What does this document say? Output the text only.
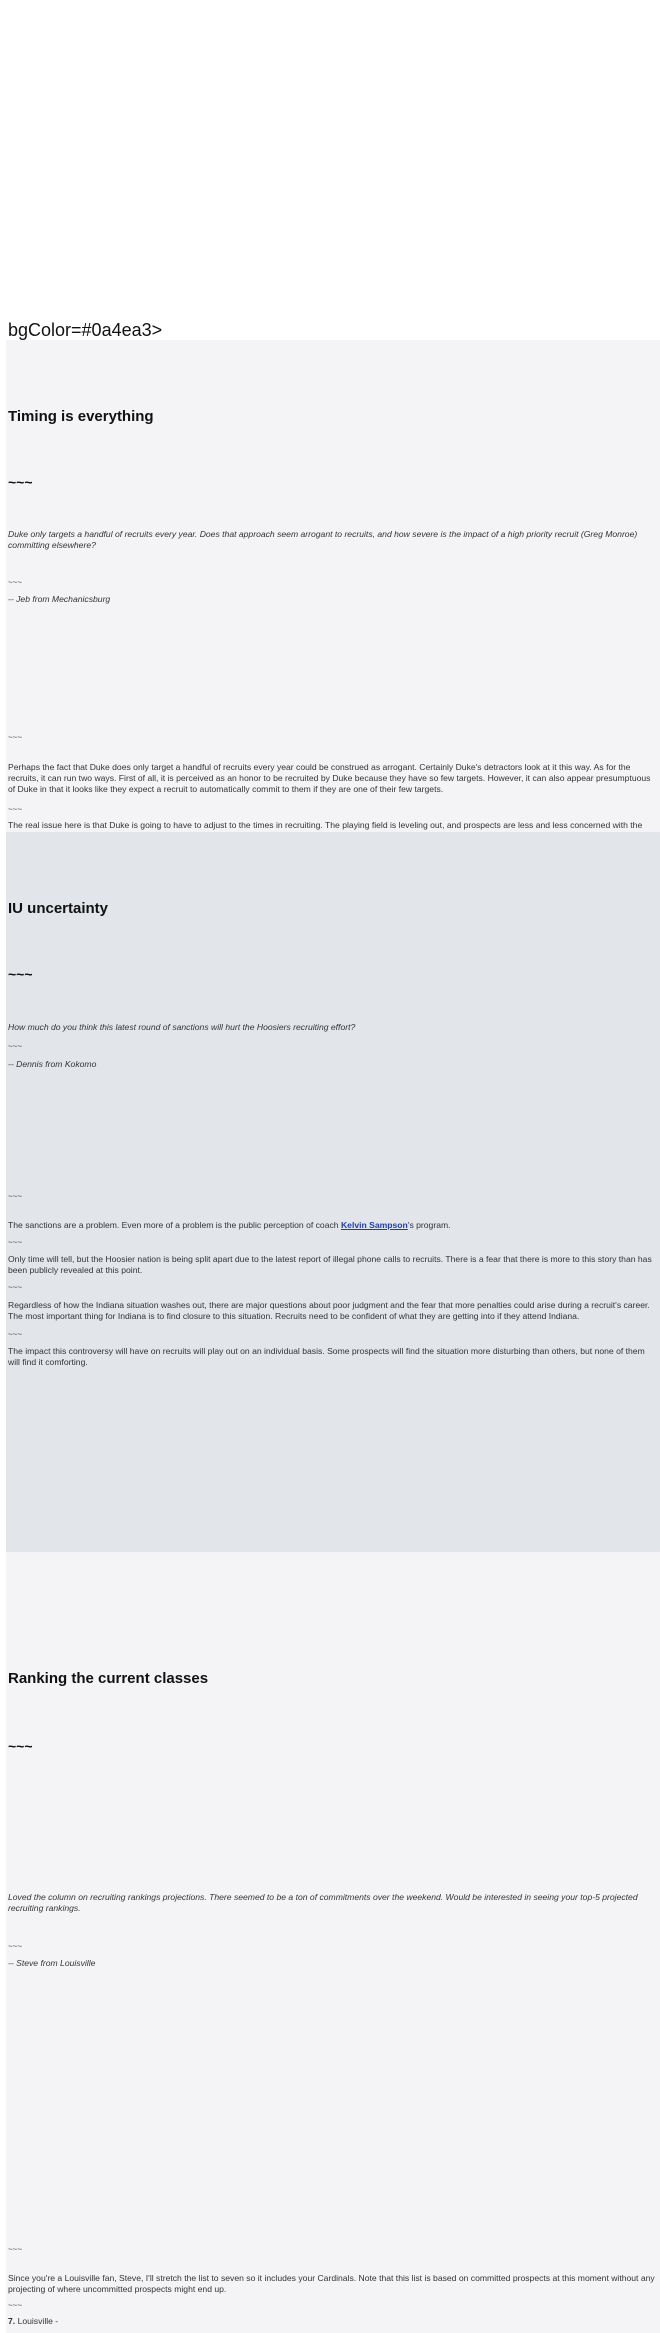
bgColor=#0a4ea3>

Timing is everything
~~~

Duke only targets a handful of recruits every year. Does that approach seem arrogant to recruits, and how severe is the impact of a high priority recruit (Greg Monroe) committing elsewhere?

~~~

-- Jeb from Mechanicsburg

~~~

Perhaps the fact that Duke does only target a handful of recruits every year could be construed as arrogant. Certainly Duke's detractors look at it this way. As for the recruits, it can run two ways. First of all, it is perceived as an honor to be recruited by Duke because they have so few targets. However, it can also appear presumptuous of Duke in that it looks like they expect a recruit to automatically commit to them if they are one of their few targets.

~~~

The real issue here is that Duke is going to have to adjust to the times in recruiting. The playing field is leveling out, and prospects are less and less concerned with the

IU uncertainty
~~~

How much do you think this latest round of sanctions will hurt the Hoosiers recruiting effort?

~~~

-- Dennis from Kokomo

~~~

The sanctions are a problem. Even more of a problem is the public perception of coach Kelvin Sampson's program.

~~~

Only time will tell, but the Hoosier nation is being split apart due to the latest report of illegal phone calls to recruits. There is a fear that there is more to this story than has been publicly revealed at this point.

~~~

Regardless of how the Indiana situation washes out, there are major questions about poor judgment and the fear that more penalties could arise during a recruit's career. The most important thing for Indiana is to find closure to this situation. Recruits need to be confident of what they are getting into if they attend Indiana.

~~~

The impact this controversy will have on recruits will play out on an individual basis. Some prospects will find the situation more disturbing than others, but none of them will find it comforting.

Ranking the current classes
~~~

Loved the column on recruiting rankings projections. There seemed to be a ton of commitments over the weekend. Would be interested in seeing your top-5 projected recruiting rankings.

~~~

-- Steve from Louisville

~~~

Since you're a Louisville fan, Steve, I'll stretch the list to seven so it includes your Cardinals. Note that this list is based on committed prospects at this moment without any projecting of where uncommitted prospects might end up.

~~~

7. Louisville -
